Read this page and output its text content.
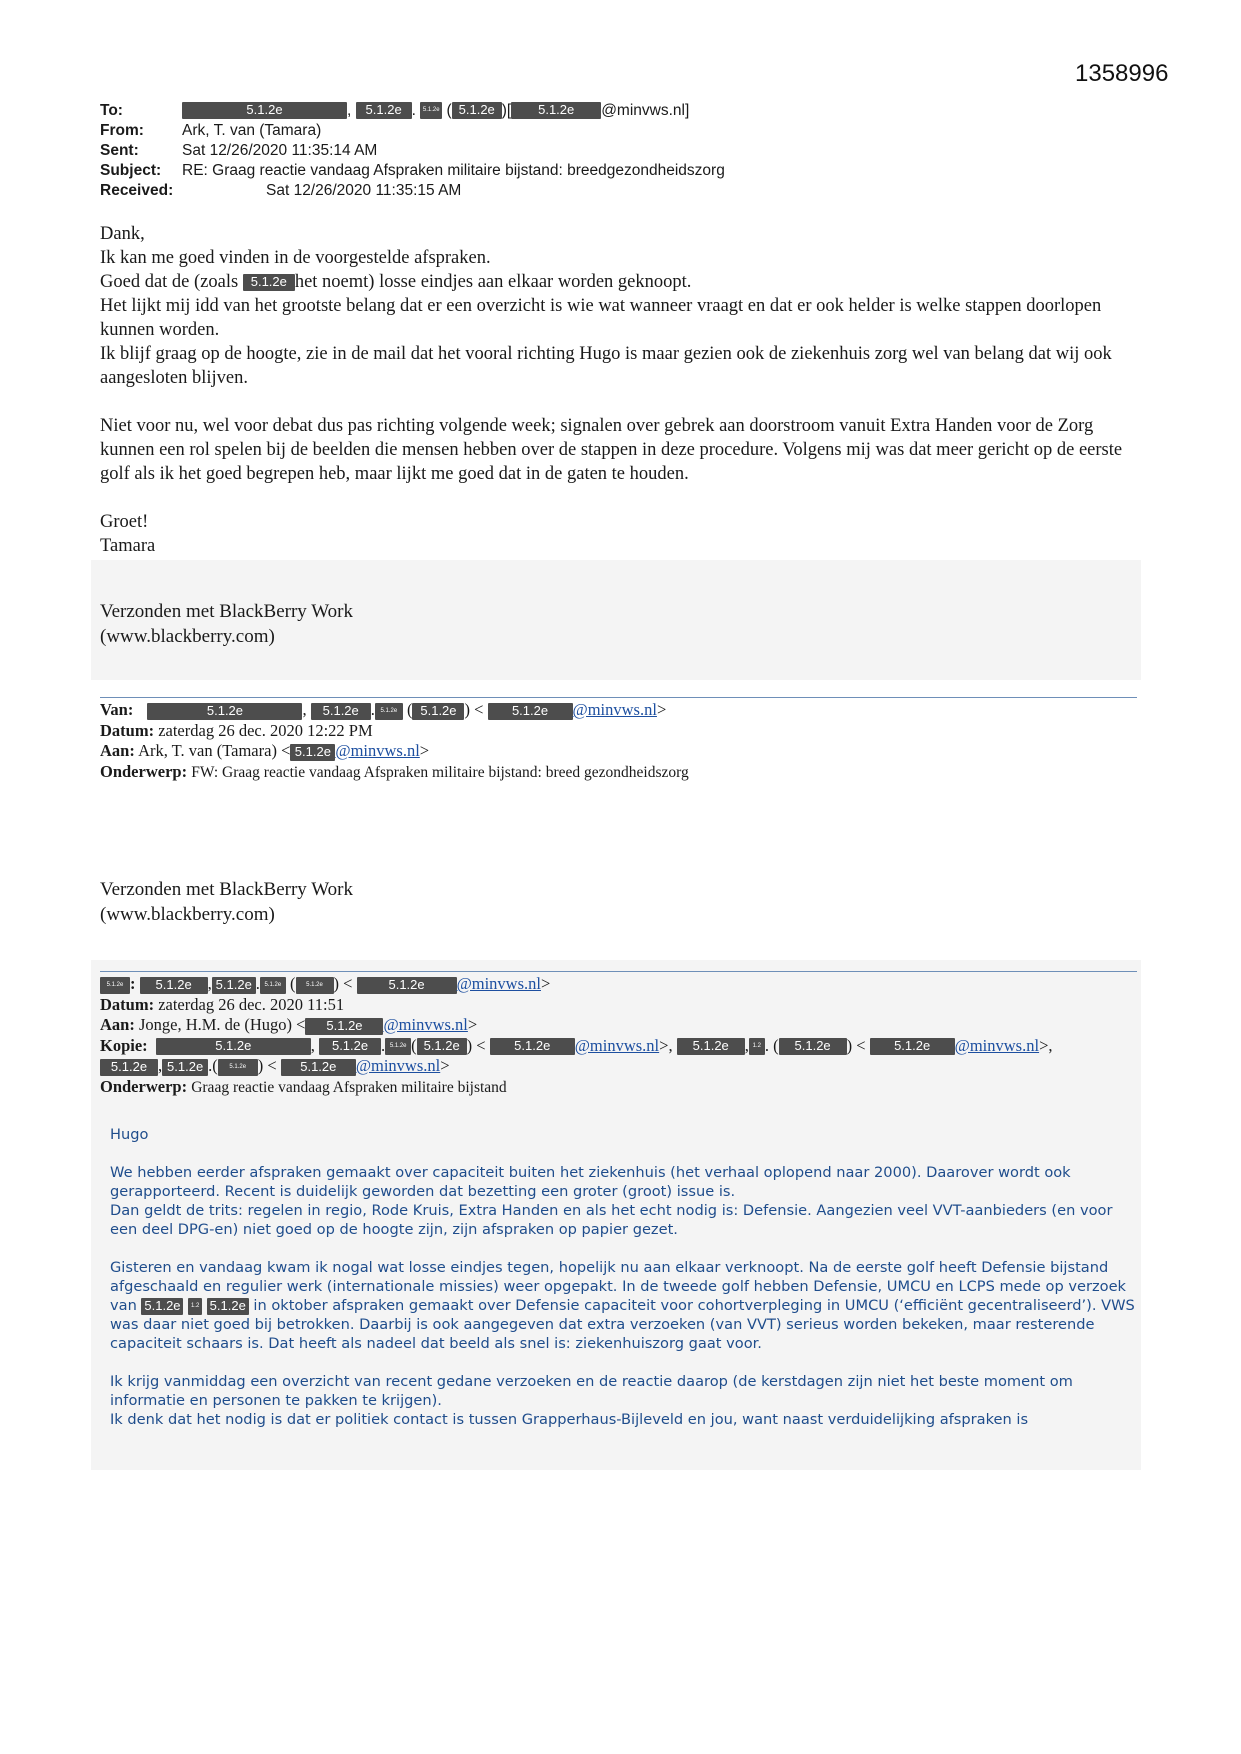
1358996
To:	5.1.2e	, 5.1.2e . 5.1.2e ( 5.1.2e )[ 5.1.2e @minvws.nl]
From: Ark, T. van (Tamara)
Sent:	Sat 12/26/2020 11:35:14 AM
Subject: RE: Graag reactie vandaag Afspraken militaire bijstand: breedgezondheidszorg
Received:	Sat 12/26/2020 11:35:15 AM

Dank,

Ik kan me goed vinden in de voorgestelde afspraken.

Goed dat de (zoals 5.1.2e het noemt) losse eindjes aan elkaar worden geknoopt.

Het lijkt mij idd van het grootste belang dat er een overzicht is wie wat wanneer vraagt en dat er ook helder is welke stappen doorlopen kunnen worden.

Ik blijf graag op de hoogte, zie in de mail dat het vooral richting Hugo is maar gezien ook de ziekenhuis zorg wel van belang dat wij ook aangesloten blijven.

Niet voor nu, wel voor debat dus pas richting volgende week; signalen over gebrek aan doorstroom vanuit Extra Handen voor de Zorg kunnen een rol spelen bij de beelden die mensen hebben over de stappen in deze procedure. Volgens mij was dat meer gericht op de eerste golf als ik het goed begrepen heb, maar lijkt me goed dat in de gaten te houden.

Groet!

Tamara

Verzonden met BlackBerry Work
(www.blackberry.com)
Van:	5.1.2e	, 5.1.2e . 5.1.2e ( 5.1.2e ) < 5.1.2e @minvws.nl>
Datum: zaterdag 26 dec. 2020 12:22 PM
Aan: Ark, T. van (Tamara) < 5.1.2e @minvws.nl>
Onderwerp: FW: Graag reactie vandaag Afspraken militaire bijstand: breed gezondheidszorg
Verzonden met BlackBerry Work
(www.blackberry.com)
5.1.2e : 5.1.2e , 5.1.2e . 5.1.2e ( 5.1.2e ) < 5.1.2e @minvws.nl>
Datum: zaterdag 26 dec. 2020 11:51
Aan: Jonge, H.M. de (Hugo) < 5.1.2e @minvws.nl>
Kopie:	5.1.2e	, 5.1.2e . 5.1.2e ( 5.1.2e ) < 5.1.2e @minvws.nl>, 5.1.2e , 1.2 . ( 5.1.2e ) < 5.1.2e @minvws.nl>,
5.1.2e , 5.1.2e .( 5.1.2e ) < 5.1.2e @minvws.nl>
Onderwerp: Graag reactie vandaag Afspraken militaire bijstand

Hugo

We hebben eerder afspraken gemaakt over capaciteit buiten het ziekenhuis (het verhaal oplopend naar 2000). Daarover wordt ook gerapporteerd. Recent is duidelijk geworden dat bezetting een groter (groot) issue is.

Dan geldt de trits: regelen in regio, Rode Kruis, Extra Handen en als het echt nodig is: Defensie. Aangezien veel VVT-aanbieders (en voor een deel DPG-en) niet goed op de hoogte zijn, zijn afspraken op papier gezet.

Gisteren en vandaag kwam ik nogal wat losse eindjes tegen, hopelijk nu aan elkaar verknoopt. Na de eerste golf heeft Defensie bijstand afgeschaald en regulier werk (internationale missies) weer opgepakt. In de tweede golf hebben Defensie, UMCU en LCPS mede op verzoek van 5.1.2e 1.2 5.1.2e in oktober afspraken gemaakt over Defensie capaciteit voor cohortverpleging in UMCU (‘efficiënt gecentraliseerd’). VWS was daar niet goed bij betrokken. Daarbij is ook aangegeven dat extra verzoeken (van VVT) serieus worden bekeken, maar resterende capaciteit schaars is. Dat heeft als nadeel dat beeld als snel is: ziekenhuiszorg gaat voor.

Ik krijg vanmiddag een overzicht van recent gedane verzoeken en de reactie daarop (de kerstdagen zijn niet het beste moment om informatie en personen te pakken te krijgen).

Ik denk dat het nodig is dat er politiek contact is tussen Grapperhaus-Bijleveld en jou, want naast verduidelijking afspraken is
